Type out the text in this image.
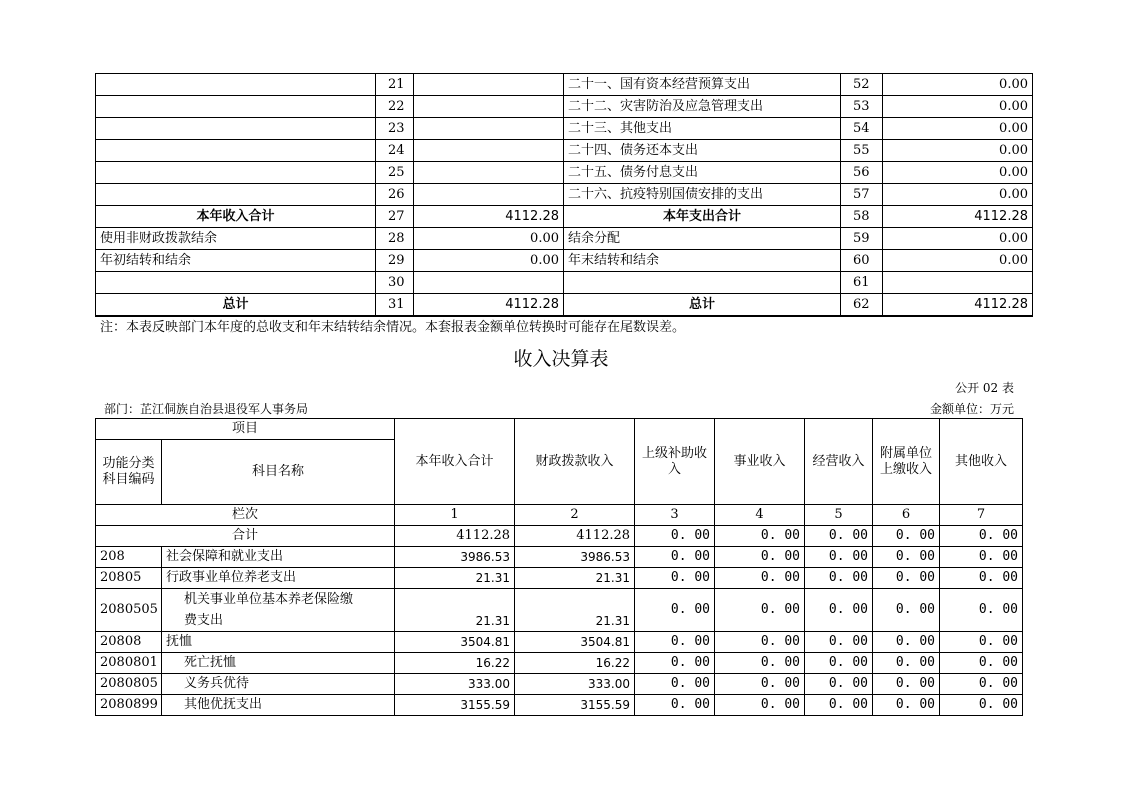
	21		二十一、国有资本经营预算支出	52	0.00
	22		二十二、灾害防治及应急管理支出	53	0.00
	23		二十三、其他支出	54	0.00
	24		二十四、债务还本支出	55	0.00
	25		二十五、债务付息支出	56	0.00
	26		二十六、抗疫特别国债安排的支出	57	0.00
本年收入合计	27	4112.28	本年支出合计	58	4112.28
使用非财政拨款结余	28	0.00	结余分配	59	0.00
年初结转和结余	29	0.00	年末结转和结余	60	0.00
	30			61	
总计	31	4112.28	总计	62	4112.28
注：本表反映部门本年度的总收支和年末结转结余情况。本套报表金额单位转换时可能存在尾数误差。
收入决算表
公开 02 表
部门：芷江侗族自治县退役军人事务局	金额单位：万元
项目		本年收入合计	财政拨款收入	上级补助收入	事业收入	经营收入	附属单位上缴收入	其他收入
功能分类科目编码	科目名称							
栏次		1	2	3	4	5	6	7
合计		4112.28	4112.28	0. 00	0. 00	0. 00	0. 00	0. 00
208	社会保障和就业支出	3986.53	3986.53	0. 00	0. 00	0. 00	0. 00	0. 00
20805	行政事业单位养老支出	21.31	21.31	0. 00	0. 00	0. 00	0. 00	0. 00
2080505	机关事业单位基本养老保险缴费支出	21.31	21.31	0. 00	0. 00	0. 00	0. 00	0. 00
20808	抚恤	3504.81	3504.81	0. 00	0. 00	0. 00	0. 00	0. 00
2080801	死亡抚恤	16.22	16.22	0. 00	0. 00	0. 00	0. 00	0. 00
2080805	义务兵优待	333.00	333.00	0. 00	0. 00	0. 00	0. 00	0. 00
2080899	其他优抚支出	3155.59	3155.59	0. 00	0. 00	0. 00	0. 00	0. 00
